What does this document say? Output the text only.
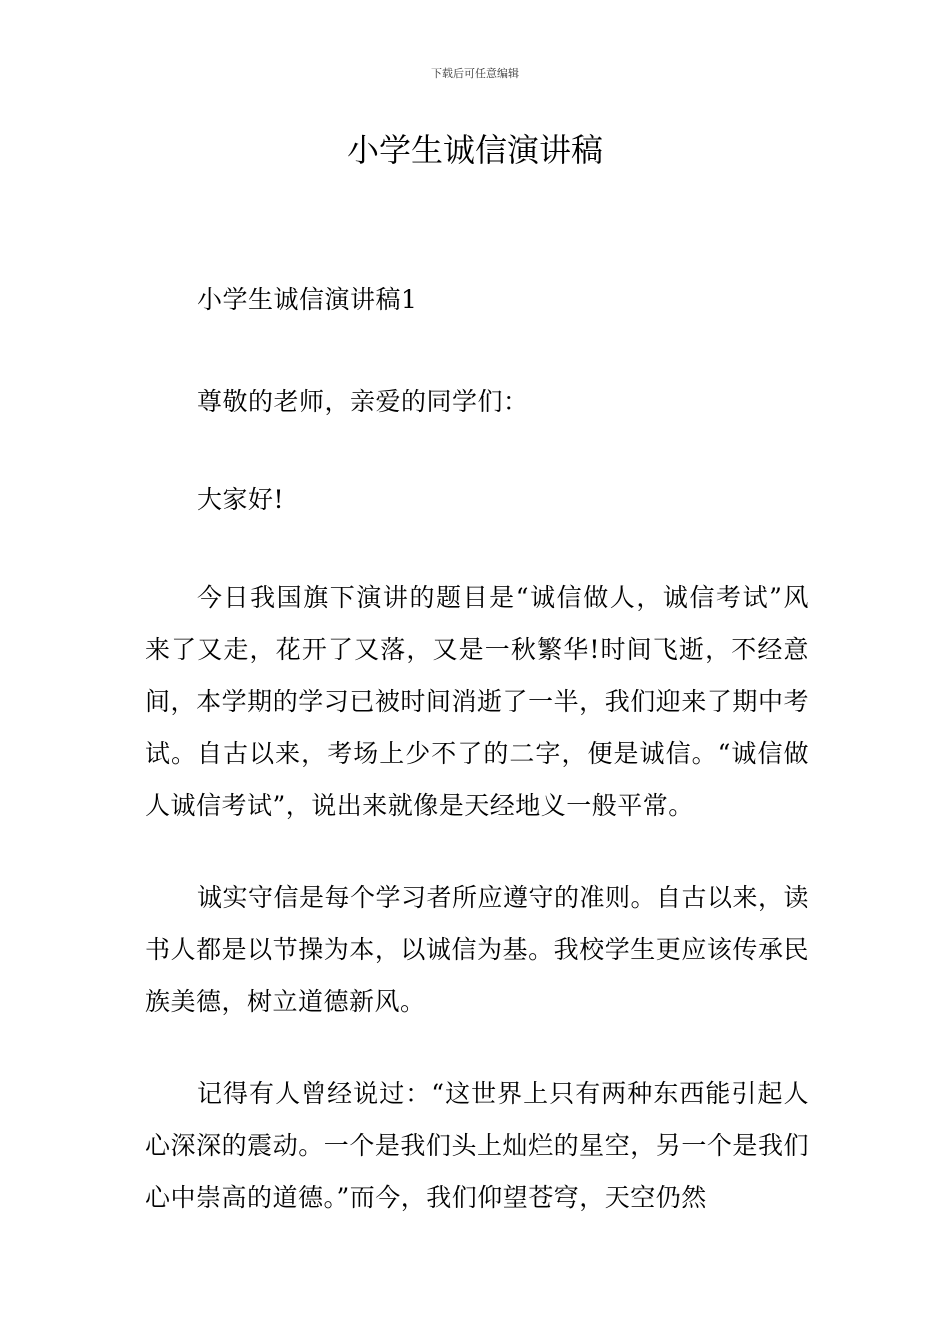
下载后可任意编辑
小学生诚信演讲稿

小学生诚信演讲稿1

尊敬的老师，亲爱的同学们：

大家好!

今日我国旗下演讲的题目是“诚信做人，诚信考试”风来了又走，花开了又落，又是一秋繁华!时间飞逝，不经意间，本学期的学习已被时间消逝了一半，我们迎来了期中考试。自古以来，考场上少不了的二字，便是诚信。“诚信做人诚信考试”，说出来就像是天经地义一般平常。

诚实守信是每个学习者所应遵守的准则。自古以来，读书人都是以节操为本，以诚信为基。我校学生更应该传承民族美德，树立道德新风。

记得有人曾经说过：“这世界上只有两种东西能引起人心深深的震动。一个是我们头上灿烂的星空，另一个是我们心中崇高的道德。”而今，我们仰望苍穹，天空仍然
